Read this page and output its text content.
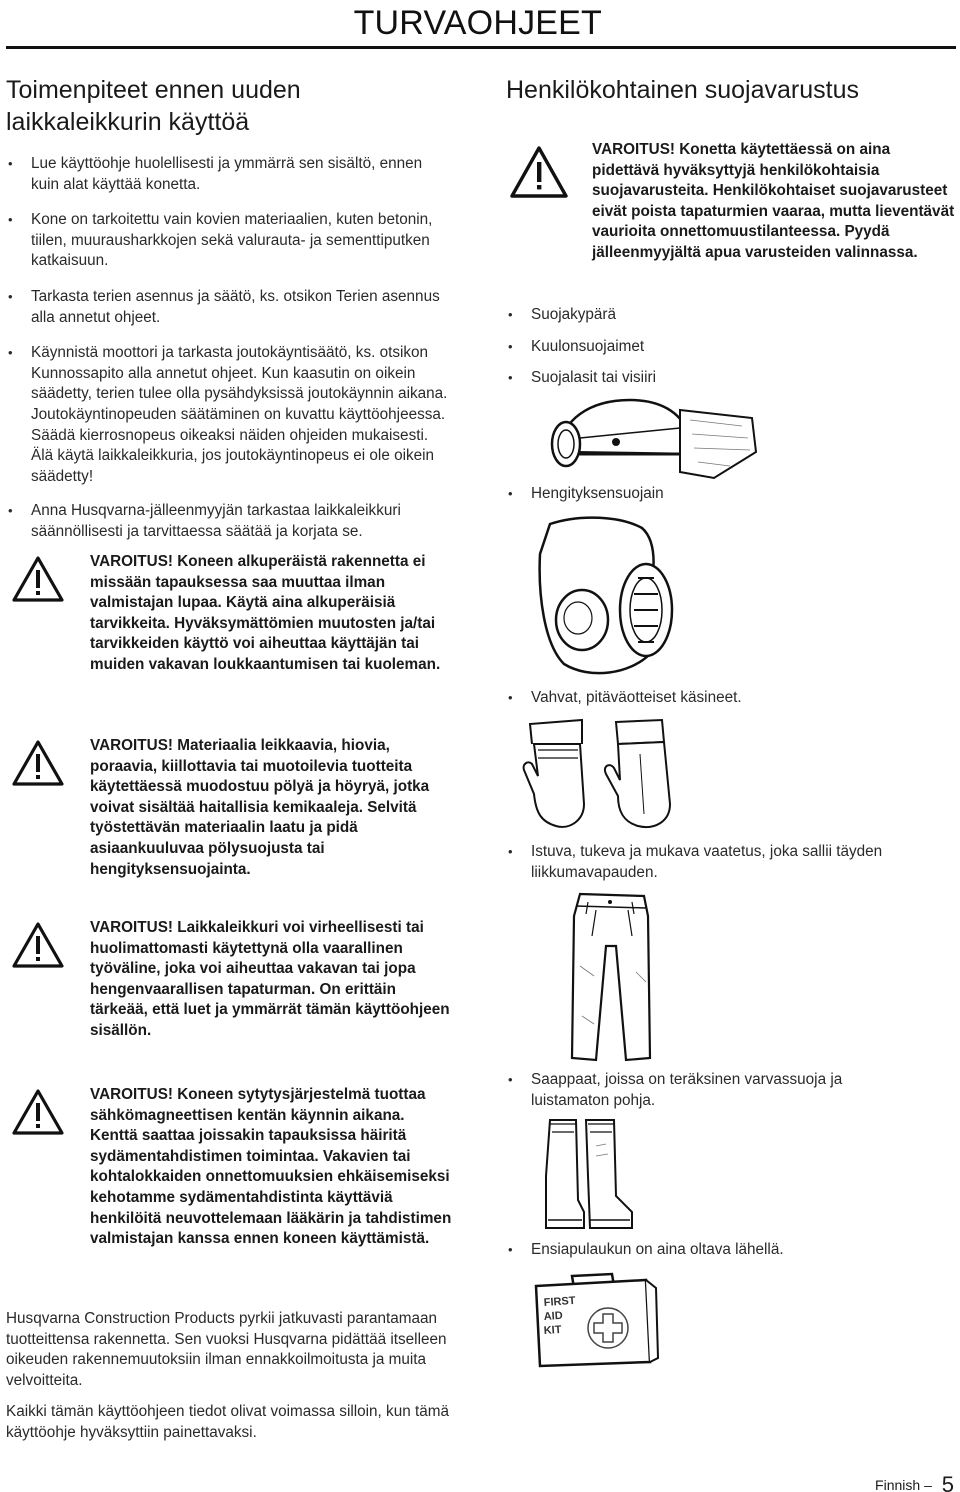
TURVAOHJEET
Toimenpiteet ennen uuden laikkaleikkurin käyttöä
• Lue käyttöohje huolellisesti ja ymmärrä sen sisältö, ennen kuin alat käyttää konetta.
• Kone on tarkoitettu vain kovien materiaalien, kuten betonin, tiilen, muurausharkkojen sekä valurauta- ja sementtiputken katkaisuun.
• Tarkasta terien asennus ja säätö, ks. otsikon Terien asennus alla annetut ohjeet.
• Käynnistä moottori ja tarkasta joutokäyntisäätö, ks. otsikon Kunnossapito alla annetut ohjeet. Kun kaasutin on oikein säädetty, terien tulee olla pysähdyksissä joutokäynnin aikana. Joutokäyntinopeuden säätäminen on kuvattu käyttöohjeessa. Säädä kierrosnopeus oikeaksi näiden ohjeiden mukaisesti. Älä käytä laikkaleikkuria, jos joutokäyntinopeus ei ole oikein säädetty!
• Anna Husqvarna-jälleenmyyjän tarkastaa laikkaleikkuri säännöllisesti ja tarvittaessa säätää ja korjata se.
VAROITUS! Koneen alkuperäistä rakennetta ei missään tapauksessa saa muuttaa ilman valmistajan lupaa. Käytä aina alkuperäisiä tarvikkeita. Hyväksymättömien muutosten ja/tai tarvikkeiden käyttö voi aiheuttaa käyttäjän tai muiden vakavan loukkaantumisen tai kuoleman.
VAROITUS! Materiaalia leikkaavia, hiovia, poraavia, kiillottavia tai muotoilevia tuotteita käytettäessä muodostuu pölyä ja höyryä, jotka voivat sisältää haitallisia kemikaaleja. Selvitä työstettävän materiaalin laatu ja pidä asiaankuuluvaa pölysuojusta tai hengityksensuojainta.
VAROITUS! Laikkaleikkuri voi virheellisesti tai huolimattomasti käytettynä olla vaarallinen työväline, joka voi aiheuttaa vakavan tai jopa hengenvaarallisen tapaturman. On erittäin tärkeää, että luet ja ymmärrät tämän käyttöohjeen sisällön.
VAROITUS! Koneen sytytysjärjestelmä tuottaa sähkömagneettisen kentän käynnin aikana. Kenttä saattaa joissakin tapauksissa häiritä sydämentahdistimen toimintaa. Vakavien tai kohtalokkaiden onnettomuuksien ehkäisemiseksi kehotamme sydämentahdistinta käyttäviä henkilöitä neuvottelemaan lääkärin ja tahdistimen valmistajan kanssa ennen koneen käyttämistä.
Husqvarna Construction Products pyrkii jatkuvasti parantamaan tuotteittensa rakennetta. Sen vuoksi Husqvarna pidättää itselleen oikeuden rakennemuutoksiin ilman ennakkoilmoitusta ja muita velvoitteita.
Kaikki tämän käyttöohjeen tiedot olivat voimassa silloin, kun tämä käyttöohje hyväksyttiin painettavaksi.
Henkilökohtainen suojavarustus
VAROITUS! Konetta käytettäessä on aina pidettävä hyväksyttyjä henkilökohtaisia suojavarusteita. Henkilökohtaiset suojavarusteet eivät poista tapaturmien vaaraa, mutta lieventävät vaurioita onnettomuustilanteessa. Pyydä jälleenmyyjältä apua varusteiden valinnassa.
• Suojakypärä
• Kuulonsuojaimet
• Suojalasit tai visiiri
• Hengityksensuojain
• Vahvat, pitäväotteiset käsineet.
• Istuva, tukeva ja mukava vaatetus, joka sallii täyden liikkumavapauden.
• Saappaat, joissa on teräksinen varvassuoja ja luistamaton pohja.
• Ensiapulaukun on aina oltava lähellä.
FIRST
AID
KIT
Finnish – 5
